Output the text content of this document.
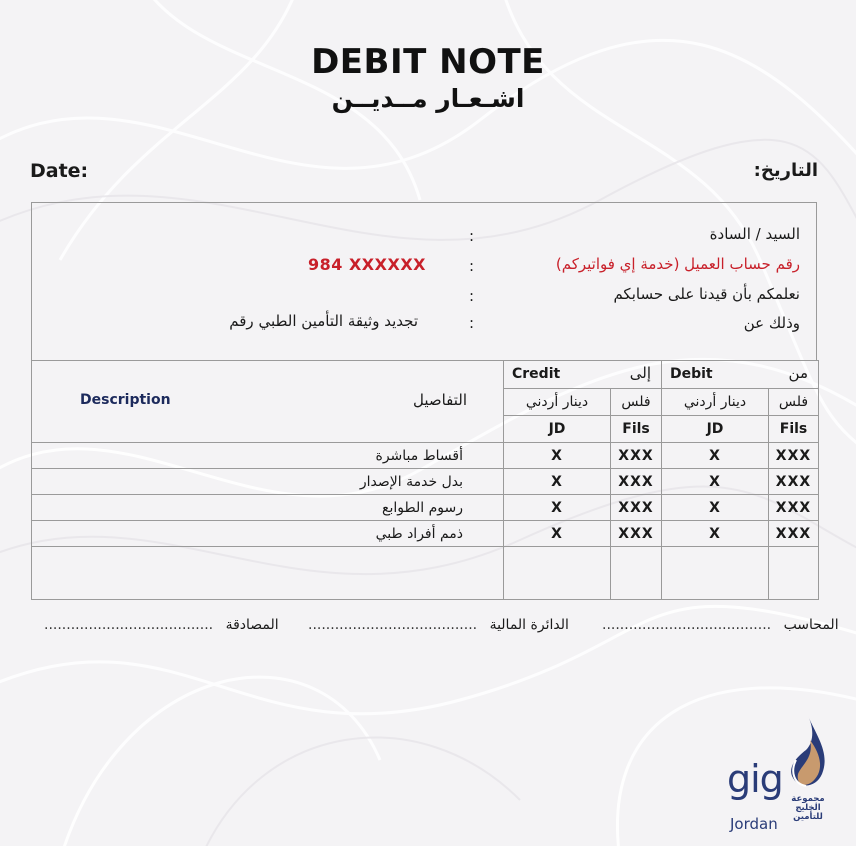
DEBIT NOTE
اشـعـار مــديــن
Date:	التاريخ:
السيد / السادة
:
رقم حساب العميل (خدمة إي فواتيركم)
:
984 XXXXXX
نعلمكم بأن قيدنا على حسابكم
:
وذلك عن
:
تجديد وثيقة التأمين الطبي رقم
Description التفاصيل	Credit إلى		Debit من	

	دينار أردني	فلس	دينار أردني	فلس
	JD	Fils	JD	Fils
أقساط مباشرة	X	XXX	X	XXX
بدل خدمة الإصدار	X	XXX	X	XXX
رسوم الطوابع	X	XXX	X	XXX
ذمم أفراد طبي	X	XXX	X	XXX

...................................... المحاسب
...................................... الدائرة المالية
...................................... المصادقة
gig
Jordan
مجموعة
الخليج
للتأمين
